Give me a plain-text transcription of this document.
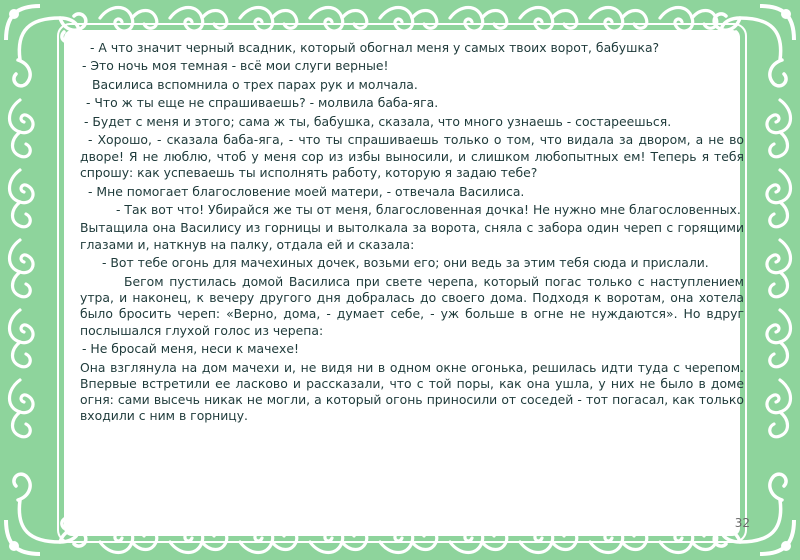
- А что значит черный всадник, который обогнал меня у самых твоих ворот, бабушка?

- Это ночь моя темная - всё мои слуги верные!

Василиса вспомнила о трех парах рук и молчала.

- Что ж ты еще не спрашиваешь? - молвила баба-яга.

- Будет с меня и этого; сама ж ты, бабушка, сказала, что много узнаешь - состареешься.

- Хорошо, - сказала баба-яга, - что ты спрашиваешь только о том, что видала за двором, а не во дворе! Я не люблю, чтоб у меня сор из избы выносили, и слишком любопытных ем! Теперь я тебя спрошу: как успеваешь ты исполнять работу, которую я задаю тебе?

- Мне помогает благословение моей матери, - отвечала Василиса.

- Так вот что! Убирайся же ты от меня, благословенная дочка! Не нужно мне благословенных.

Вытащила она Василису из горницы и вытолкала за ворота, сняла с забора один череп с горящими глазами и, наткнув на палку, отдала ей и сказала:

- Вот тебе огонь для мачехиных дочек, возьми его; они ведь за этим тебя сюда и прислали.

Бегом пустилась домой Василиса при свете черепа, который погас только с наступлением утра, и наконец, к вечеру другого дня добралась до своего дома. Подходя к воротам, она хотела было бросить череп: «Верно, дома, - думает себе, - уж больше в огне не нуждаются». Но вдруг послышался глухой голос из черепа:

- Не бросай меня, неси к мачехе!

Она взглянула на дом мачехи и, не видя ни в одном окне огонька, решилась идти туда с черепом. Впервые встретили ее ласково и рассказали, что с той поры, как она ушла, у них не было в доме огня: сами высечь никак не могли, а который огонь приносили от соседей - тот погасал, как только входили с ним в горницу.

32
